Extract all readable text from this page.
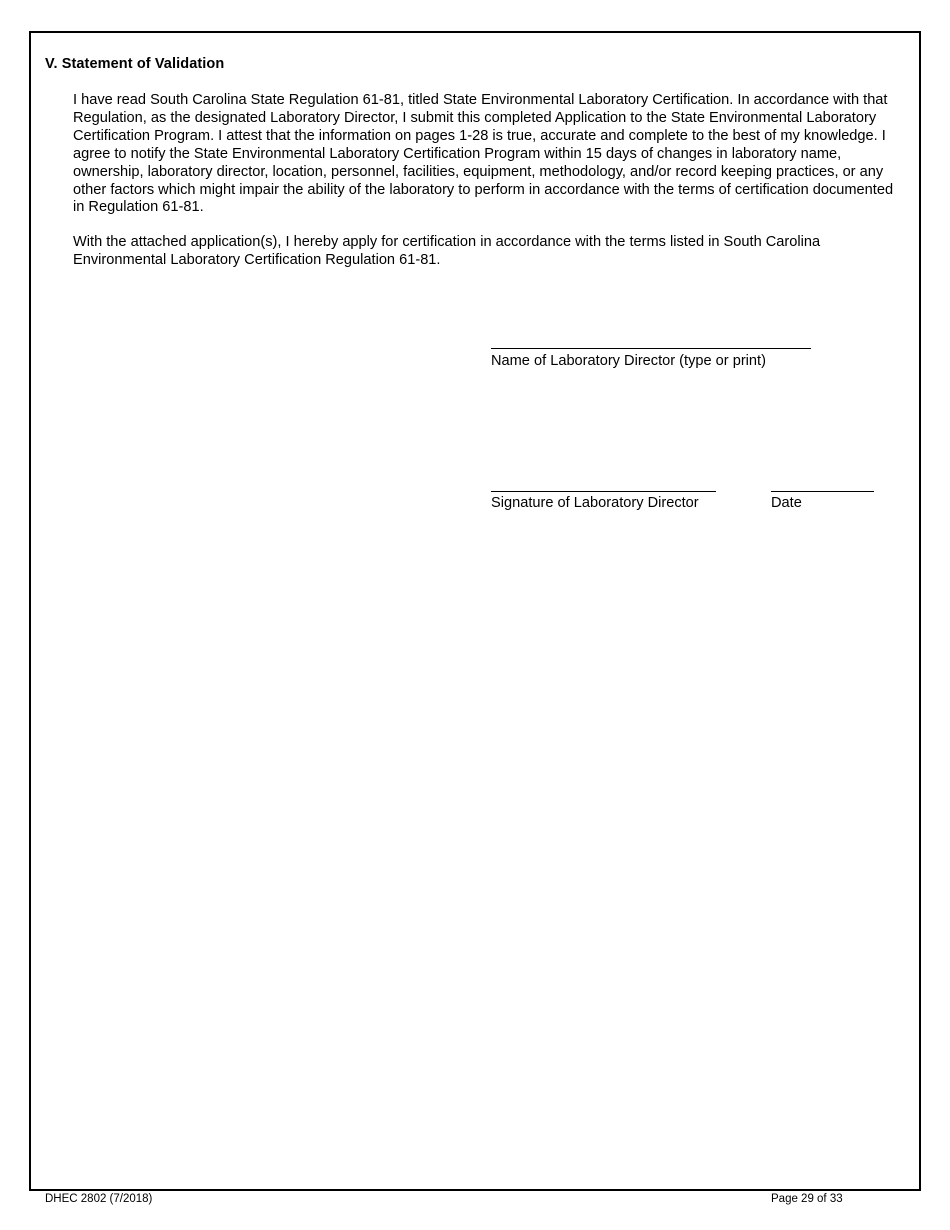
V. Statement of Validation
I have read South Carolina State Regulation 61-81, titled State Environmental Laboratory Certification. In accordance with that Regulation, as the designated Laboratory Director, I submit this completed Application to the State Environmental Laboratory Certification Program. I attest that the information on pages 1-28 is true, accurate and complete to the best of my knowledge. I agree to notify the State Environmental Laboratory Certification Program within 15 days of changes in laboratory name, ownership, laboratory director, location, personnel, facilities, equipment, methodology, and/or record keeping practices, or any other factors which might impair the ability of the laboratory to perform in accordance with the terms of certification documented in Regulation 61-81.
With the attached application(s), I hereby apply for certification in accordance with the terms listed in South Carolina Environmental Laboratory Certification Regulation 61-81.
Name of Laboratory Director (type or print)
Signature of Laboratory Director	Date
DHEC 2802 (7/2018)	Page 29 of 33
